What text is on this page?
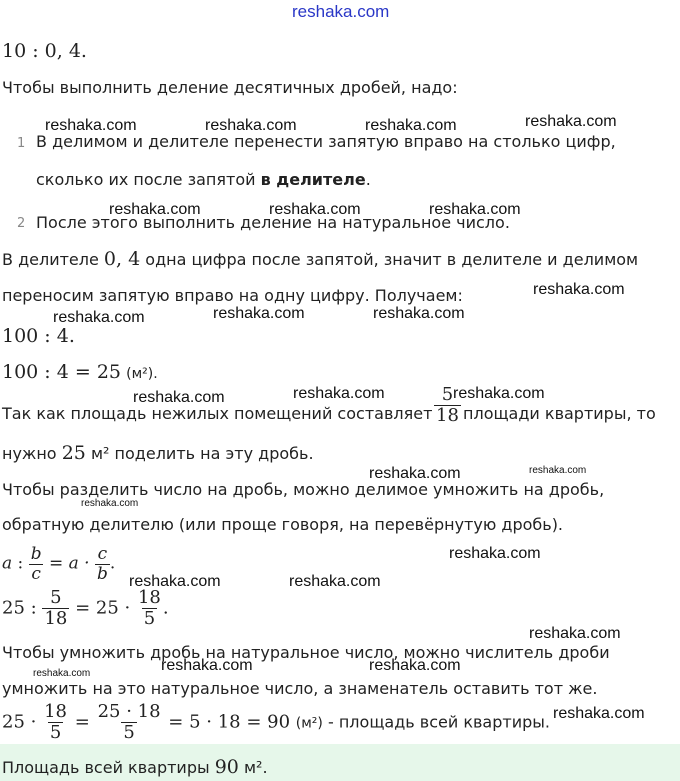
reshaka.com
10 : 0, 4.
Чтобы выполнить деление десятичных дробей, надо:
1 В делимом и делителе перенести запятую вправо на столько цифр,
сколько их после запятой в делителе.
2 После этого выполнить деление на натуральное число.
В делителе 0, 4 одна цифра после запятой, значит в делителе и делимом
переносим запятую вправо на одну цифру. Получаем:
100 : 4.
100 : 4 = 25 (м²).
Так как площадь нежилых помещений составляет $\frac{5}{18}$ площади квартиры, то
нужно 25 м² поделить на эту дробь.
Чтобы разделить число на дробь, можно делимое умножить на дробь,
обратную делителю (или проще говоря, на перевёрнутую дробь).
a : $\frac{b}{c} = a \cdot \frac{c}{b}$ .
25 : $\frac{5}{18} = 25 \cdot \frac{18}{5}$ .
Чтобы умножить дробь на натуральное число, можно числитель дроби
умножить на это натуральное число, а знаменатель оставить тот же.
$25 \cdot \frac{18}{5} = \frac{25 \cdot 18}{5} = 5 \cdot 18 = 90$ (м²) - площадь всей квартиры.
Площадь всей квартиры 90 м².
reshaka.com	reshaka.com	reshaka.com	reshaka.com
reshaka.com	reshaka.com	reshaka.com
reshaka.com
reshaka.com	reshaka.com	reshaka.com
reshaka.com	reshaka.com	reshaka.com
reshaka.com	reshaka.com
reshaka.com
reshaka.com
reshaka.com	reshaka.com
reshaka.com
reshaka.com	reshaka.com
reshaka.com
reshaka.com
